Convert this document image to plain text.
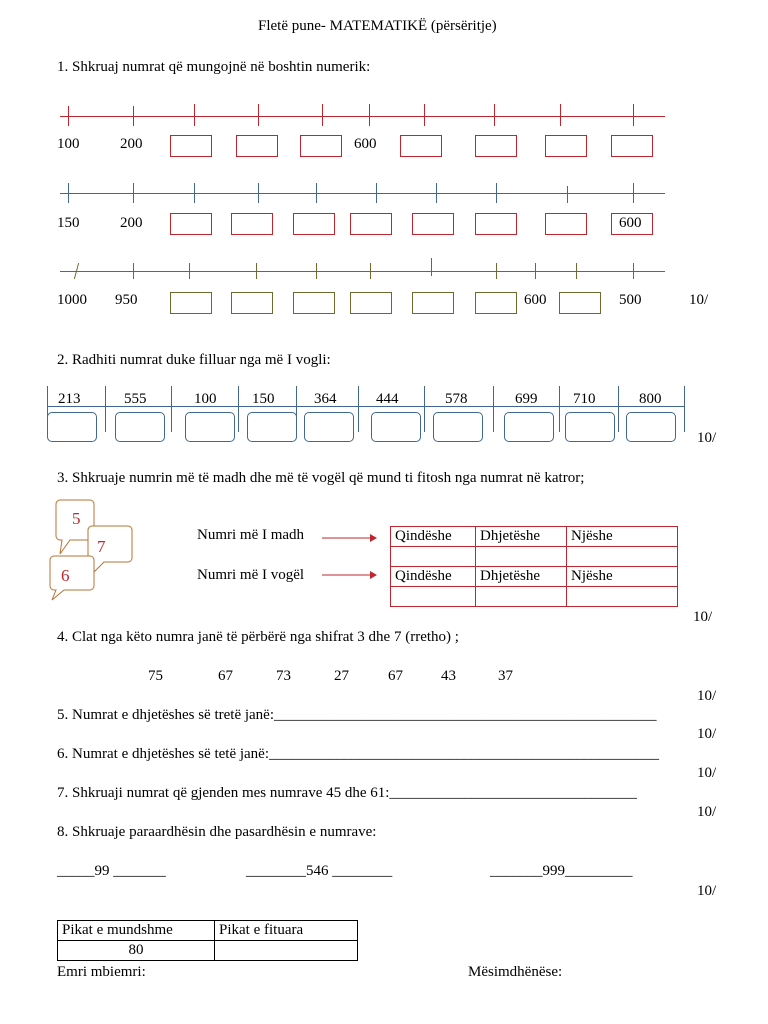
Fletë pune- MATEMATIKË (përsëritje)
1. Shkruaj numrat që mungojnë në boshtin numerik:
100	200	600
150	200	600
1000 950	600	500	10/
2. Radhiti numrat duke filluar nga më I vogli:
213	555	100 150	364	444	578	699 710	800
10/
3. Shkruaje numrin më të madh dhe më të vogël që mund ti fitosh nga numrat në katror;
5
7
6
Numri më I madh
Numri më I vogël
Qindëshe	Dhjetëshe	Njëshe

Qindëshe	Dhjetëshe	Njëshe

10/
4. Clat nga këto numra janë të përbërë nga shifrat 3 dhe 7 (rretho) ;
75	67	73	27	67	43	37
10/
5. Numrat e dhjetëshes së tretë janë:___________________________________________________
10/
6. Numrat e dhjetëshes së tetë janë:____________________________________________________
10/
7. Shkruaji numrat që gjenden mes numrave 45 dhe 61:_________________________________
10/
8. Shkruaje paraardhësin dhe pasardhësin e numrave:
_____99 _______	________546 ________	_______999_________
10/
Pikat e mundshme	Pikat e fituara
80	
Emri mbiemri:	Mësimdhënëse:
